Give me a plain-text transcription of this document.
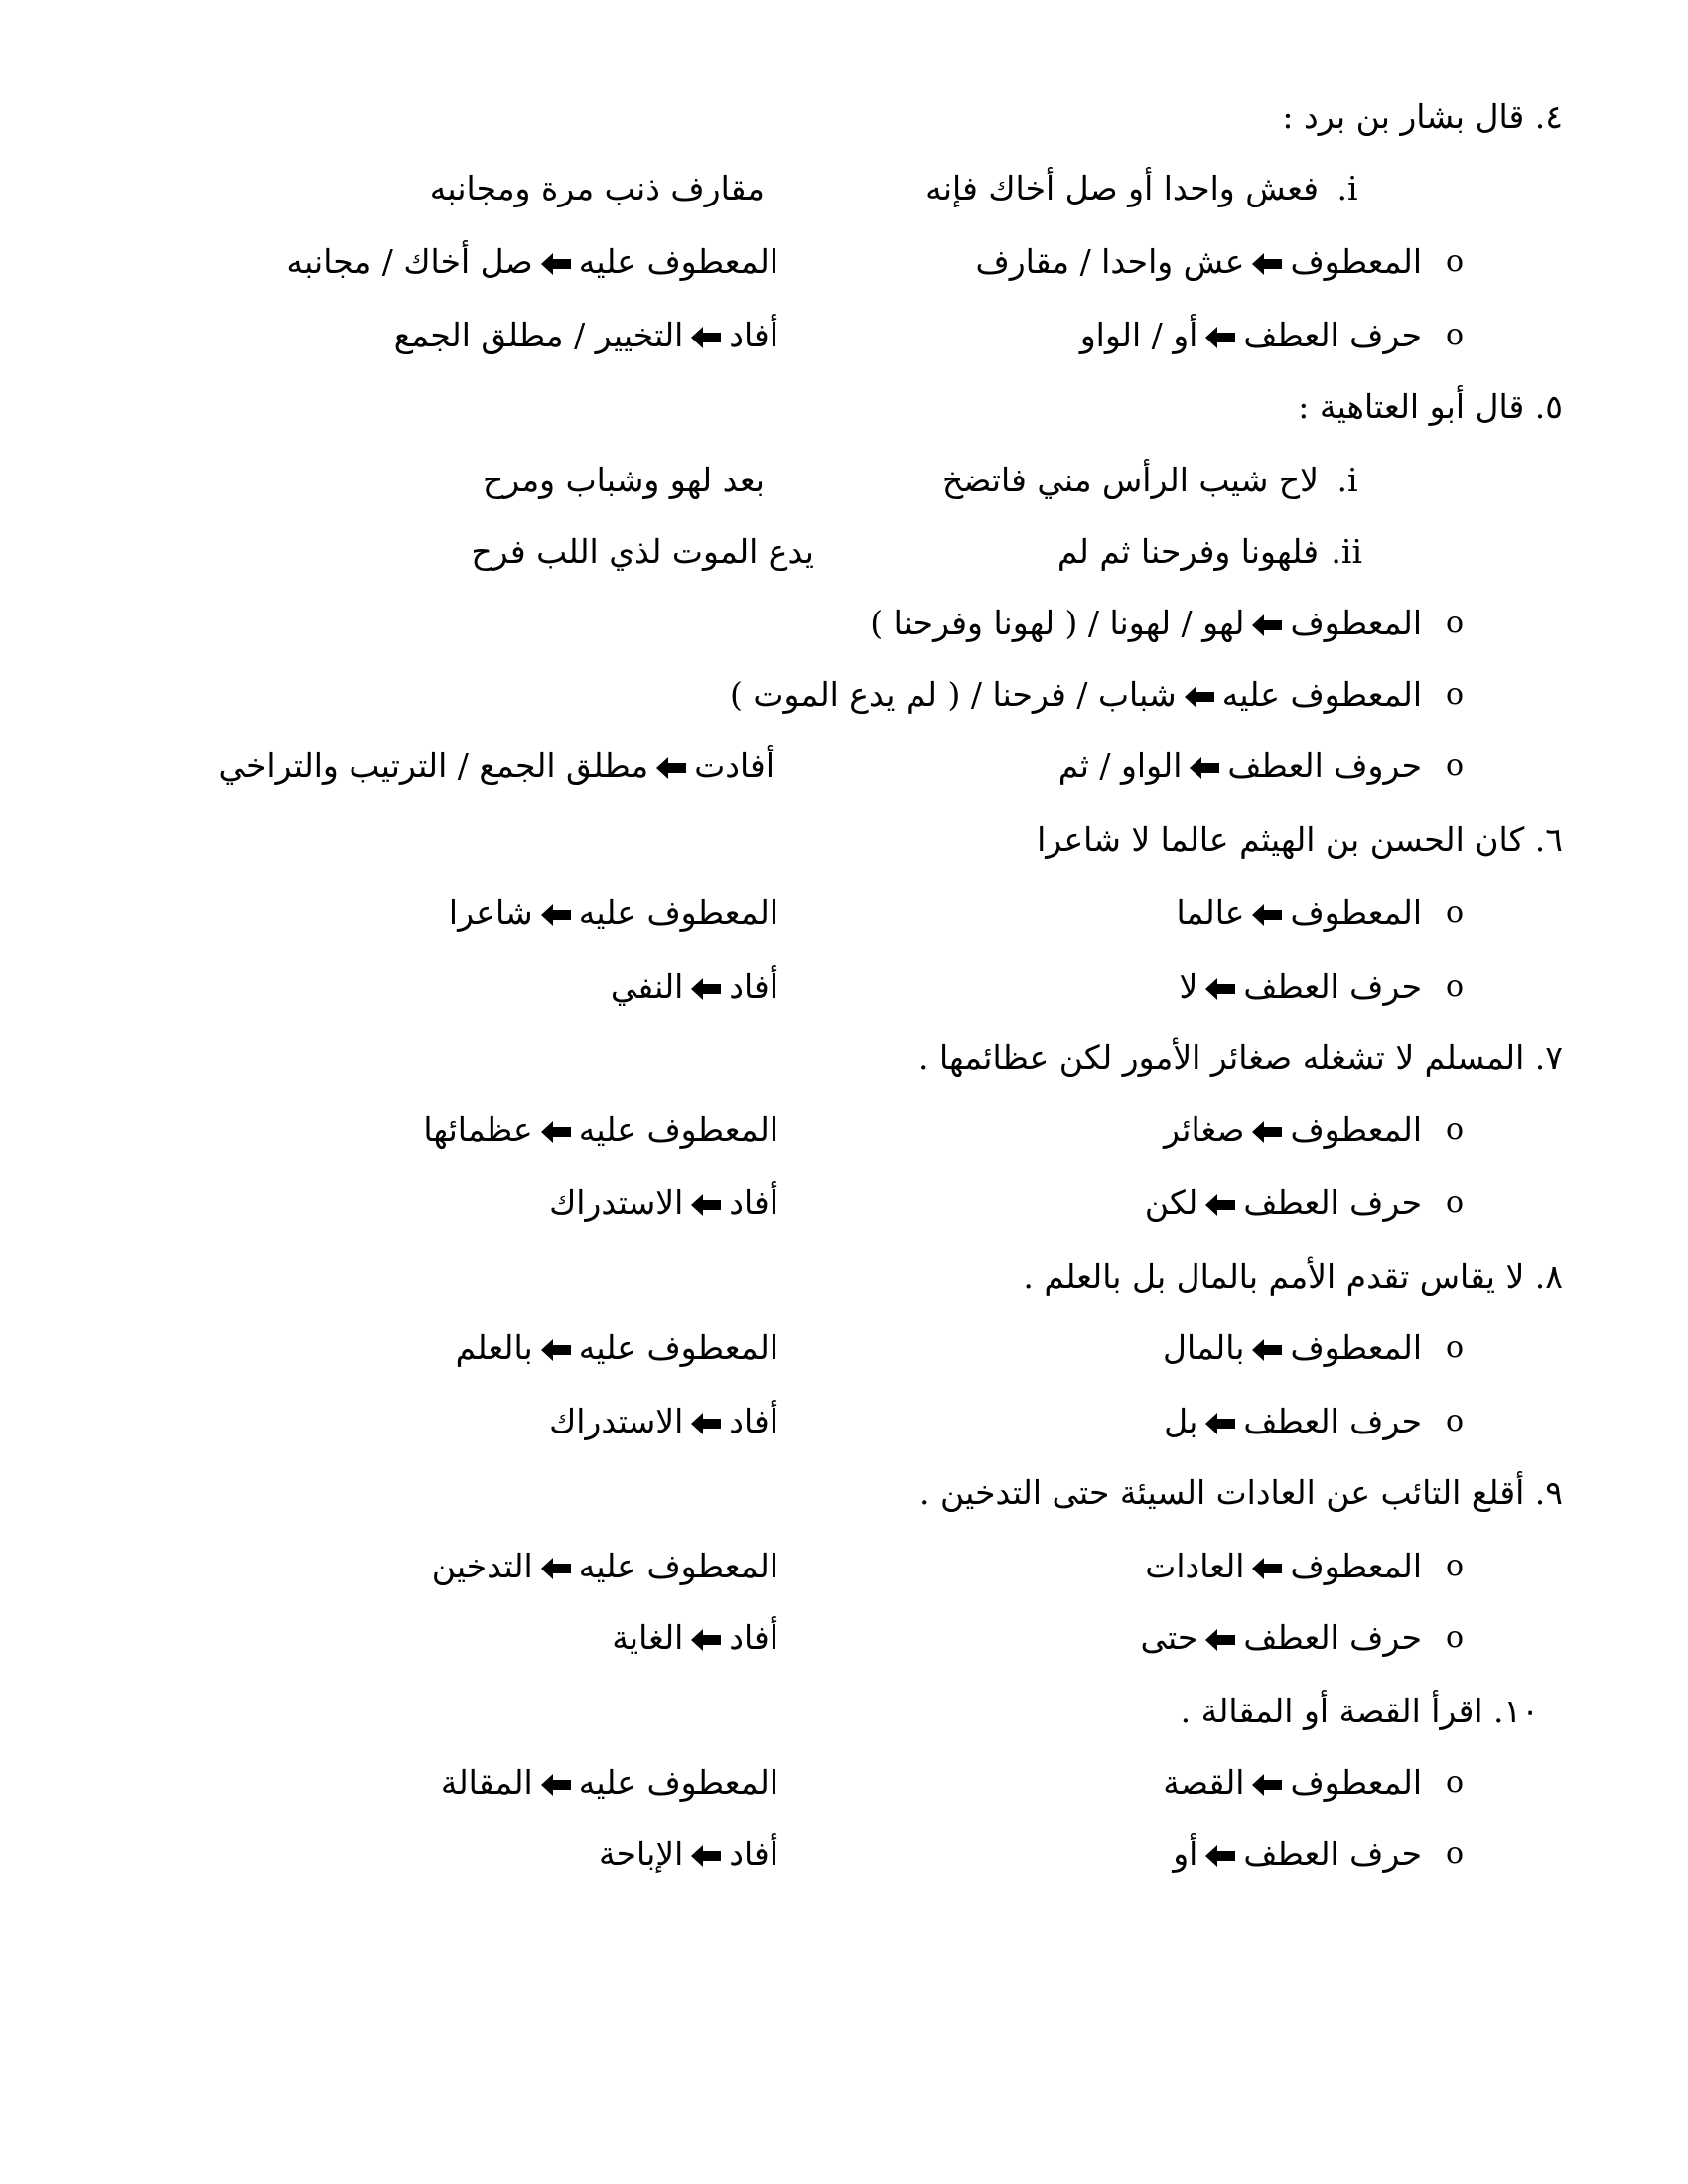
٤. قال بشار بن برد :
i.
فعش واحدا أو صل أخاك فإنه
مقارف ذنب مرة ومجانبه
o
المعطوف
عش واحدا / مقارف
المعطوف عليه
صل أخاك / مجانبه
o
حرف العطف
أو / الواو
أفاد
التخيير / مطلق الجمع
٥. قال أبو العتاهية :
i.
لاح شيب الرأس مني فاتضخ
بعد لهو وشباب ومرح
ii.
فلهونا وفرحنا ثم لم
يدع الموت لذي اللب فرح
o
المعطوف
لهو / لهونا / ( لهونا وفرحنا )
o
المعطوف عليه
شباب / فرحنا / ( لم يدع الموت )
o
حروف العطف
الواو / ثم
أفادت
مطلق الجمع / الترتيب والتراخي
٦. كان الحسن بن الهيثم عالما لا شاعرا
o
المعطوف
عالما
المعطوف عليه
شاعرا
o
حرف العطف
لا
أفاد
النفي
٧. المسلم لا تشغله صغائر الأمور لكن عظائمها .
o
المعطوف
صغائر
المعطوف عليه
عظمائها
o
حرف العطف
لكن
أفاد
الاستدراك
٨. لا يقاس تقدم الأمم بالمال بل بالعلم .
o
المعطوف
بالمال
المعطوف عليه
بالعلم
o
حرف العطف
بل
أفاد
الاستدراك
٩. أقلع التائب عن العادات السيئة حتى التدخين .
o
المعطوف
العادات
المعطوف عليه
التدخين
o
حرف العطف
حتى
أفاد
الغاية
١٠. اقرأ القصة أو المقالة .
o
المعطوف
القصة
المعطوف عليه
المقالة
o
حرف العطف
أو
أفاد
الإباحة
